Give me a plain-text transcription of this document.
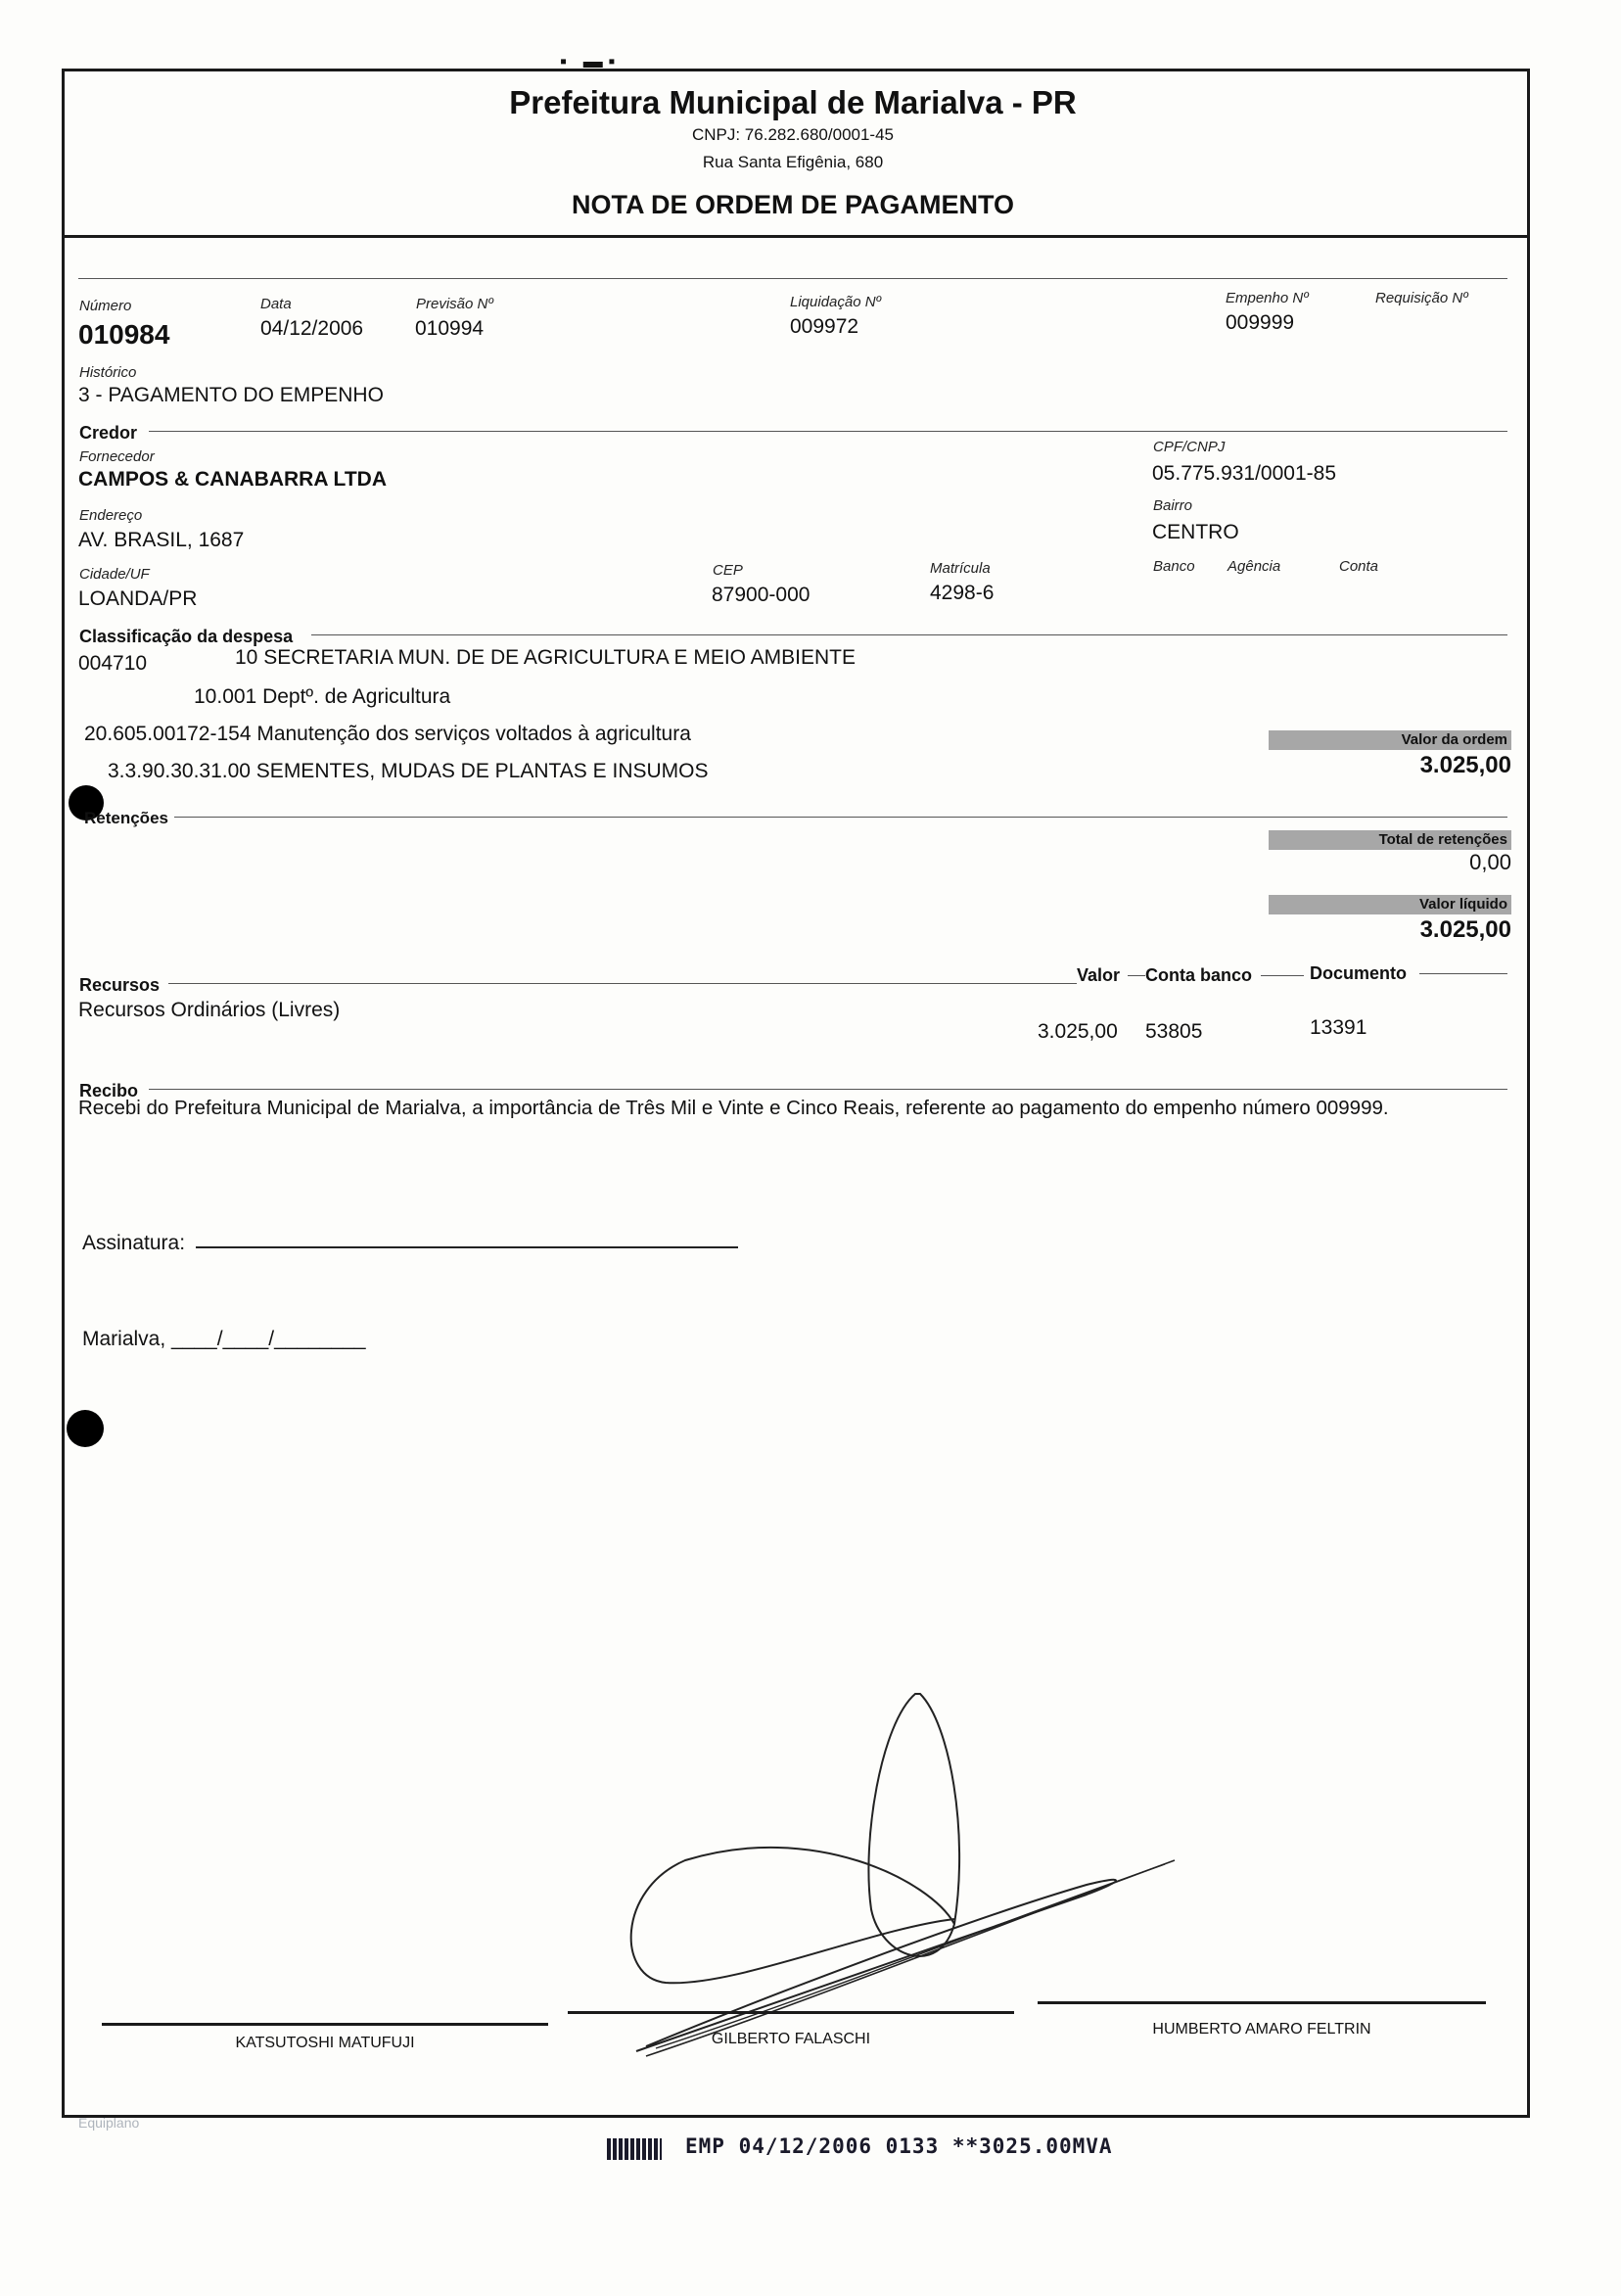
▪   ▬ ▪
Prefeitura Municipal de Marialva - PR
CNPJ: 76.282.680/0001-45
Rua Santa Efigênia, 680
NOTA DE ORDEM DE PAGAMENTO
Número
010984
Data
04/12/2006
Previsão Nº
010994
Liquidação Nº
009972
Empenho Nº
009999
Requisição Nº
Histórico
3 - PAGAMENTO DO EMPENHO
Credor
Fornecedor
CAMPOS & CANABARRA LTDA
CPF/CNPJ
05.775.931/0001-85
Endereço
AV. BRASIL, 1687
Bairro
CENTRO
Cidade/UF
LOANDA/PR
CEP
87900-000
Matrícula
4298-6
Banco Agência	Conta
Classificação da despesa
004710	10 SECRETARIA MUN. DE DE AGRICULTURA E MEIO AMBIENTE
10.001 Deptº. de Agricultura
20.605.00172-154 Manutenção dos serviços voltados à agricultura
3.3.90.30.31.00 SEMENTES, MUDAS DE PLANTAS E INSUMOS
Valor da ordem
3.025,00
Retenções
Total de retenções
0,00
Valor líquido
3.025,00
Recursos	Valor Conta banco	Documento
Recursos Ordinários (Livres)
3.025,00 53805	13391
Recibo
Recebi do Prefeitura Municipal de Marialva, a importância de Três Mil e Vinte e Cinco Reais, referente ao pagamento do empenho número 009999.
Assinatura:
Marialva, ____/____/________
KATSUTOSHI MATUFUJI	GILBERTO FALASCHI
HUMBERTO AMARO FELTRIN
Equiplano
EMP 04/12/2006 0133 **3025.00MVA
